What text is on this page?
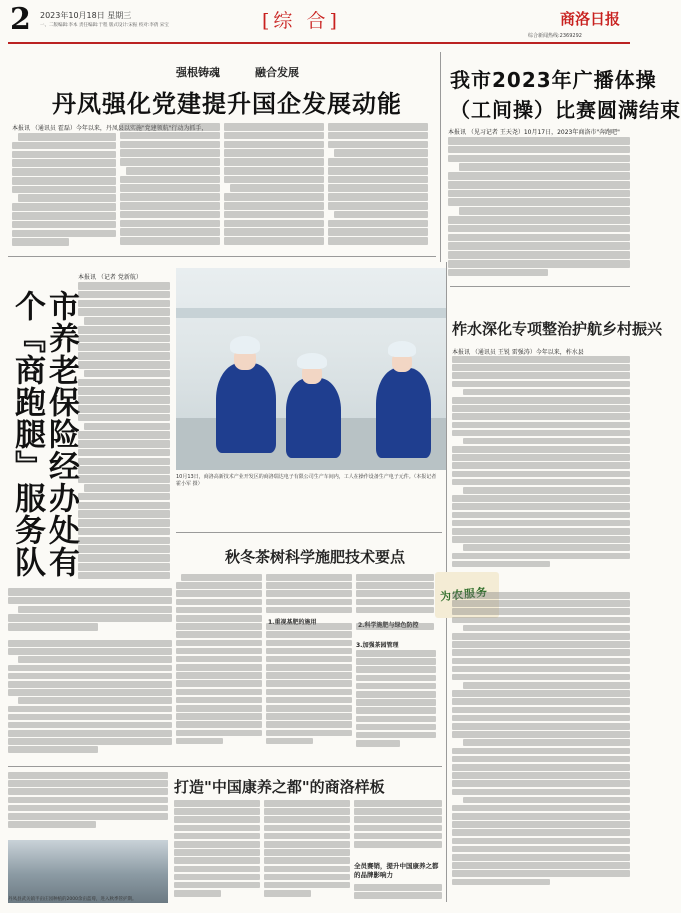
2 2023年10月18日 星期三
一、二版编辑:李本 责任编辑:于程 版式设计:宋振 校对:李倩 宋宝	[综 合]	商洛日报
综合新闻热线:2369292
强根铸魂	融合发展
丹凤强化党建提升国企发展动能
本报讯 （通讯员 霍磊）今年以来，丹凤县以实施"党建领航"行动为抓手，
我市2023年广播体操
（工间操）比赛圆满结束
本报讯 （见习记者 王天尧）10月17日，2023年商洛市"奔跑吧"
市养老保险经办处有个『商跑腿』服务队
本报讯 （记者 党新航）
10月13日，商洛高新技术产业开发区的商洛瑞达电子有限公司生产车间内，工人在操作设备生产电子元件。（本报记者 霍小军 摄）
柞水深化专项整治护航乡村振兴
本报讯 （通讯员 王锐 雷强涛）今年以来，柞水县
秋冬茶树科学施肥技术要点
1.重视基肥的施用	2.科学施肥与绿色防控
为农服务
3.加强茶园管理
打造"中国康养之都"的商洛样板
全员赛销，提升中国康养之都的品牌影响力
丹凤县武关镇半亩庄园种植的2000余亩蓝莓，进入秋季管护期。
